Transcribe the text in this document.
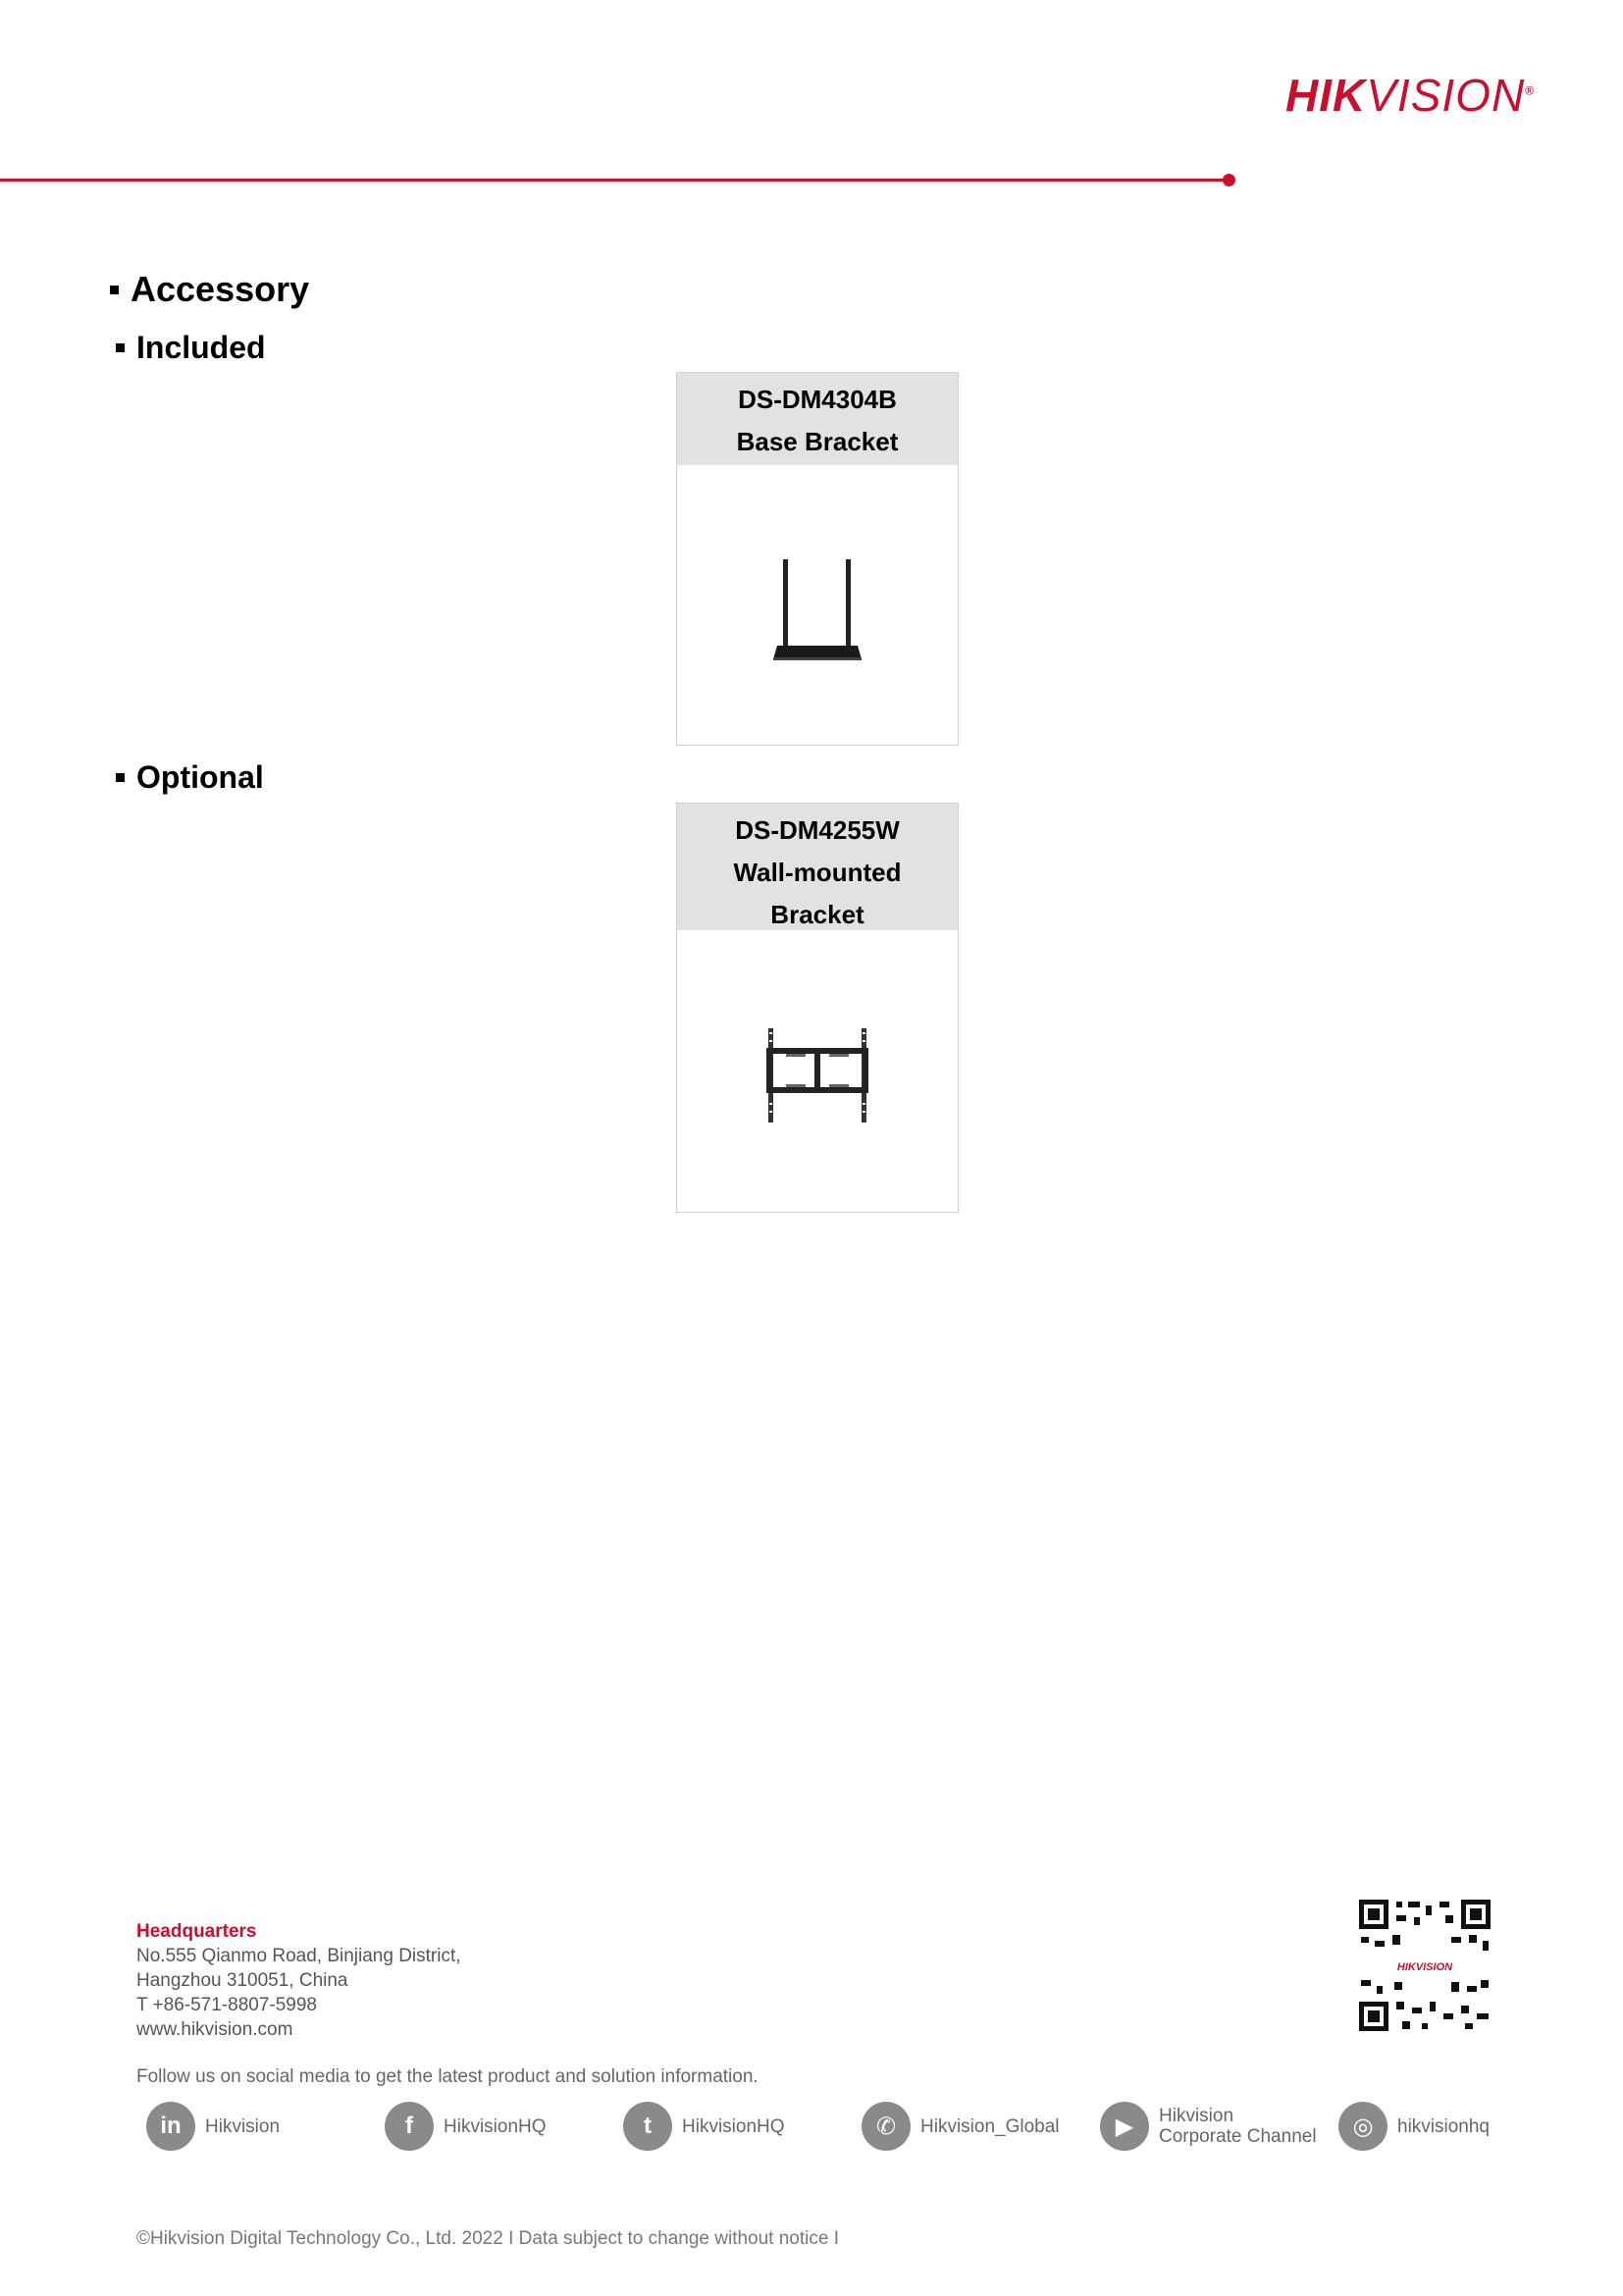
HIKVISION®
Accessory
Included
DS-DM4304B
Base Bracket
Optional
DS-DM4255W
Wall-mounted
Bracket
Headquarters
No.555 Qianmo Road, Binjiang District,
Hangzhou 310051, China
T +86-571-8807-5998
www.hikvision.com
HIKVISION
Follow us on social media to get the latest product and solution information.
in	Hikvision	f	HikvisionHQ	t	HikvisionHQ	✆	Hikvision_Global	▶	Hikvision
Corporate Channel	◎	hikvisionhq
©Hikvision Digital Technology Co., Ltd. 2022 I Data subject to change without notice I
